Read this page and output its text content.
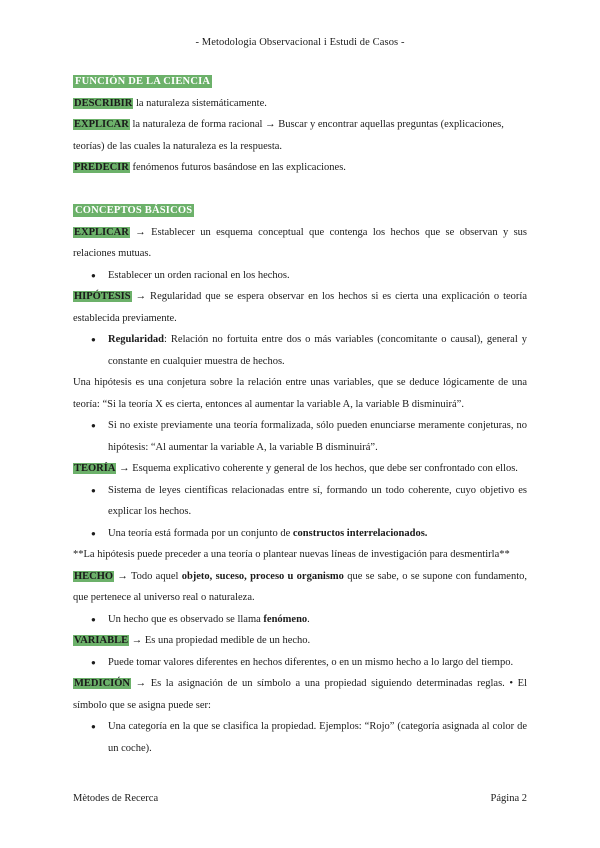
- Metodologia Observacional i Estudi de Casos -

FUNCIÓN DE LA CIENCIA

DESCRIBIR la naturaleza sistemáticamente.

EXPLICAR la naturaleza de forma racional → Buscar y encontrar aquellas preguntas (explicaciones, teorías) de las cuales la naturaleza es la respuesta.

PREDECIR fenómenos futuros basándose en las explicaciones.

CONCEPTOS BÁSICOS

EXPLICAR → Establecer un esquema conceptual que contenga los hechos que se observan y sus relaciones mutuas.

● Establecer un orden racional en los hechos.

HIPÓTESIS → Regularidad que se espera observar en los hechos si es cierta una explicación o teoría establecida previamente.

● Regularidad: Relación no fortuita entre dos o más variables (concomitante o causal), general y constante en cualquier muestra de hechos.

Una hipótesis es una conjetura sobre la relación entre unas variables, que se deduce lógicamente de una teoría: “Si la teoría X es cierta, entonces al aumentar la variable A, la variable B disminuirá”.

● Si no existe previamente una teoría formalizada, sólo pueden enunciarse meramente conjeturas, no hipótesis: “Al aumentar la variable A, la variable B disminuirá”.

TEORÍA → Esquema explicativo coherente y general de los hechos, que debe ser confrontado con ellos.

● Sistema de leyes científicas relacionadas entre sí, formando un todo coherente, cuyo objetivo es explicar los hechos.
● Una teoría está formada por un conjunto de constructos interrelacionados.

**La hipótesis puede preceder a una teoría o plantear nuevas líneas de investigación para desmentirla**

HECHO → Todo aquel objeto, suceso, proceso u organismo que se sabe, o se supone con fundamento, que pertenece al universo real o naturaleza.

● Un hecho que es observado se llama fenómeno.

VARIABLE → Es una propiedad medible de un hecho.

● Puede tomar valores diferentes en hechos diferentes, o en un mismo hecho a lo largo del tiempo.

MEDICIÓN → Es la asignación de un símbolo a una propiedad siguiendo determinadas reglas. • El símbolo que se asigna puede ser:

● Una categoría en la que se clasifica la propiedad. Ejemplos: “Rojo” (categoría asignada al color de un coche).
Mètodes de Recerca	Página 2
